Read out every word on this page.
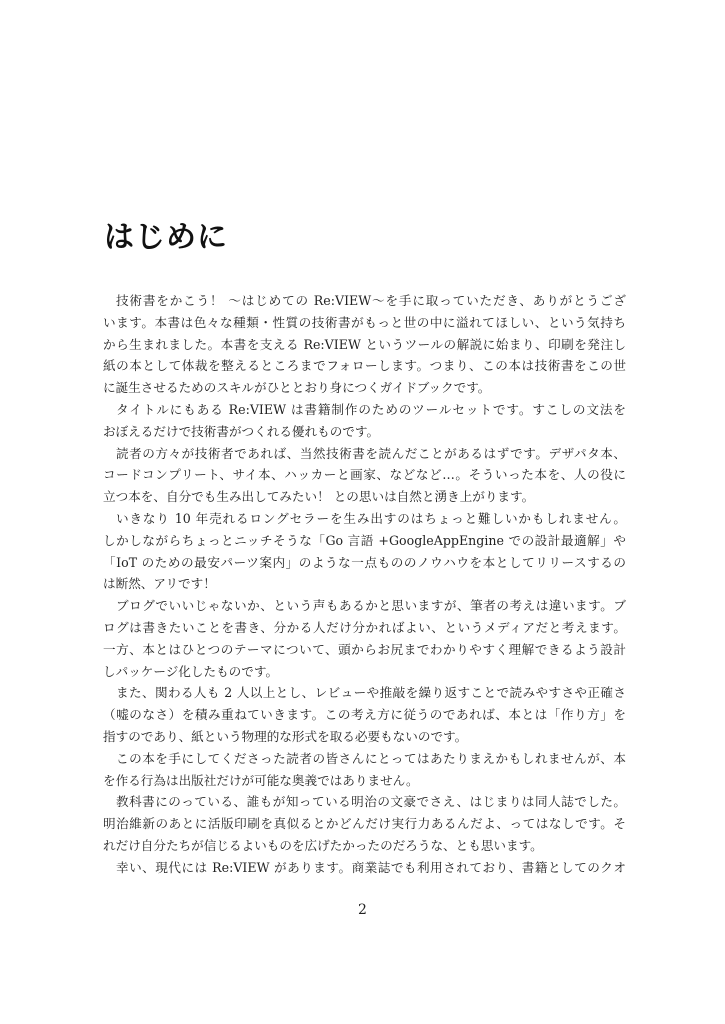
はじめに
技術書をかこう！ 〜はじめての Re:VIEW〜を手に取っていただき、ありがとうござ
います。本書は色々な種類・性質の技術書がもっと世の中に溢れてほしい、という気持ち
から生まれました。本書を支える Re:VIEW というツールの解説に始まり、印刷を発注し
紙の本として体裁を整えるところまでフォローします。つまり、この本は技術書をこの世
に誕生させるためのスキルがひととおり身につくガイドブックです。
タイトルにもある Re:VIEW は書籍制作のためのツールセットです。すこしの文法を
おぼえるだけで技術書がつくれる優れものです。
読者の方々が技術者であれば、当然技術書を読んだことがあるはずです。デザパタ本、
コードコンプリート、サイ本、ハッカーと画家、などなど…。そういった本を、人の役に
立つ本を、自分でも生み出してみたい！ との思いは自然と湧き上がります。
いきなり 10 年売れるロングセラーを生み出すのはちょっと難しいかもしれません。
しかしながらちょっとニッチそうな「Go 言語 +GoogleAppEngine での設計最適解」や
「IoT のための最安パーツ案内」のような一点もののノウハウを本としてリリースするの
は断然、アリです！
ブログでいいじゃないか、という声もあるかと思いますが、筆者の考えは違います。ブ
ログは書きたいことを書き、分かる人だけ分かればよい、というメディアだと考えます。
一方、本とはひとつのテーマについて、頭からお尻までわかりやすく理解できるよう設計
しパッケージ化したものです。
また、関わる人も 2 人以上とし、レビューや推敲を繰り返すことで読みやすさや正確さ
（嘘のなさ）を積み重ねていきます。この考え方に従うのであれば、本とは「作り方」を
指すのであり、紙という物理的な形式を取る必要もないのです。
この本を手にしてくださった読者の皆さんにとってはあたりまえかもしれませんが、本
を作る行為は出版社だけが可能な奥義ではありません。
教科書にのっている、誰もが知っている明治の文豪でさえ、はじまりは同人誌でした。
明治維新のあとに活版印刷を真似るとかどんだけ実行力あるんだよ、ってはなしです。そ
れだけ自分たちが信じるよいものを広げたかったのだろうな、とも思います。
幸い、現代には Re:VIEW があります。商業誌でも利用されており、書籍としてのクオ
2
